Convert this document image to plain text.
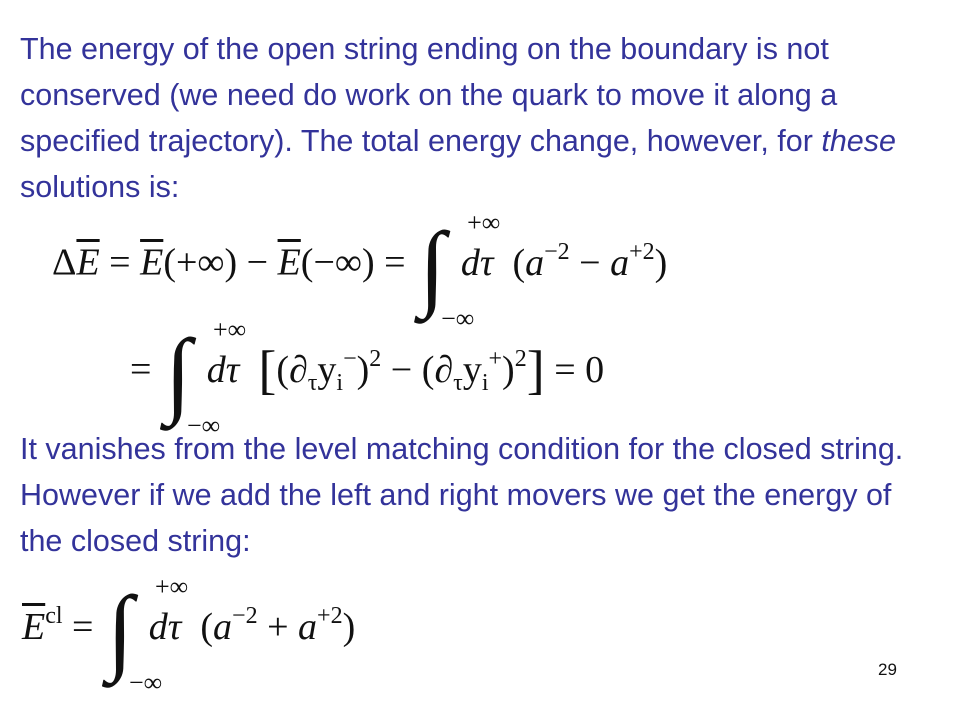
The energy of the open string ending on the boundary is not conserved (we need do work on the quark to move it along a specified trajectory). The total energy change, however, for these solutions is:

$\Delta\overline{E} = \overline{E}(+\infty) - \overline{E}(-\infty)$ = ∫ +∞
−∞
dτ  $(a^{-2} - a^{+2})$
= ∫ +∞
−∞
dτ $[(\partial_\tau y_i^-)^2 - (\partial_\tau y_i^+)^2] = 0$

It vanishes from the level matching condition for the closed string. However if we add the left and right movers we get the energy of the closed string:

$\overline{E}^{cl}$ = ∫ +∞
−∞
dτ  $(a^{-2} + a^{+2})$
29
